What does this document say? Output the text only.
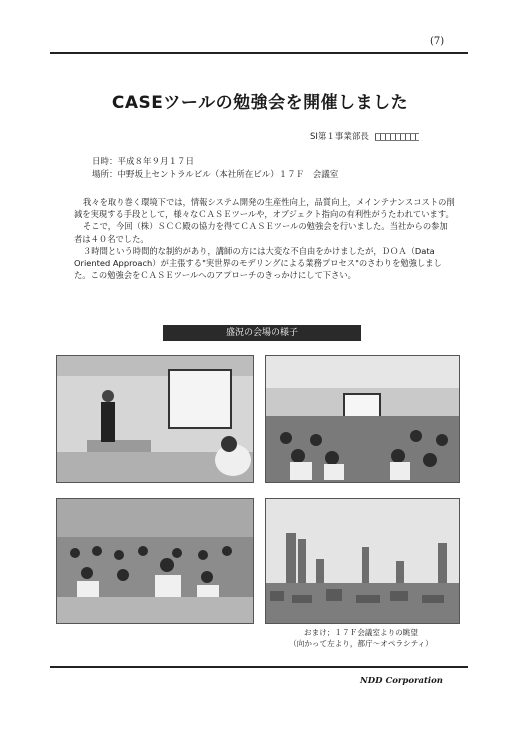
(7)
CASEツールの勉強会を開催しました
SI第１事業部長
日時：平成８年９月１７日
場所：中野坂上セントラルビル（本社所在ビル）１７Ｆ　会議室

我々を取り巻く環境下では，情報システム開発の生産性向上，品質向上，メインテナンスコストの削減を実現する手段として，様々なＣＡＳＥツールや，オブジェクト指向の有利性がうたわれています。

そこで，今回（株）ＳＣＣ殿の協力を得てＣＡＳＥツールの勉強会を行いました。当社からの参加者は４０名でした。

３時間という時間的な制約があり，講師の方には大変な不自由をかけましたが，ＤＯＡ（Data Oriented Approach）が主張する"実世界のモデリングによる業務プロセス"のさわりを勉強しました。この勉強会をＣＡＳＥツールへのアプローチのきっかけにして下さい。

盛況の会場の様子
おまけ；１７Ｆ会議室よりの眺望
（向かって左より，都庁～オペラシティ）
NDD Corporation
